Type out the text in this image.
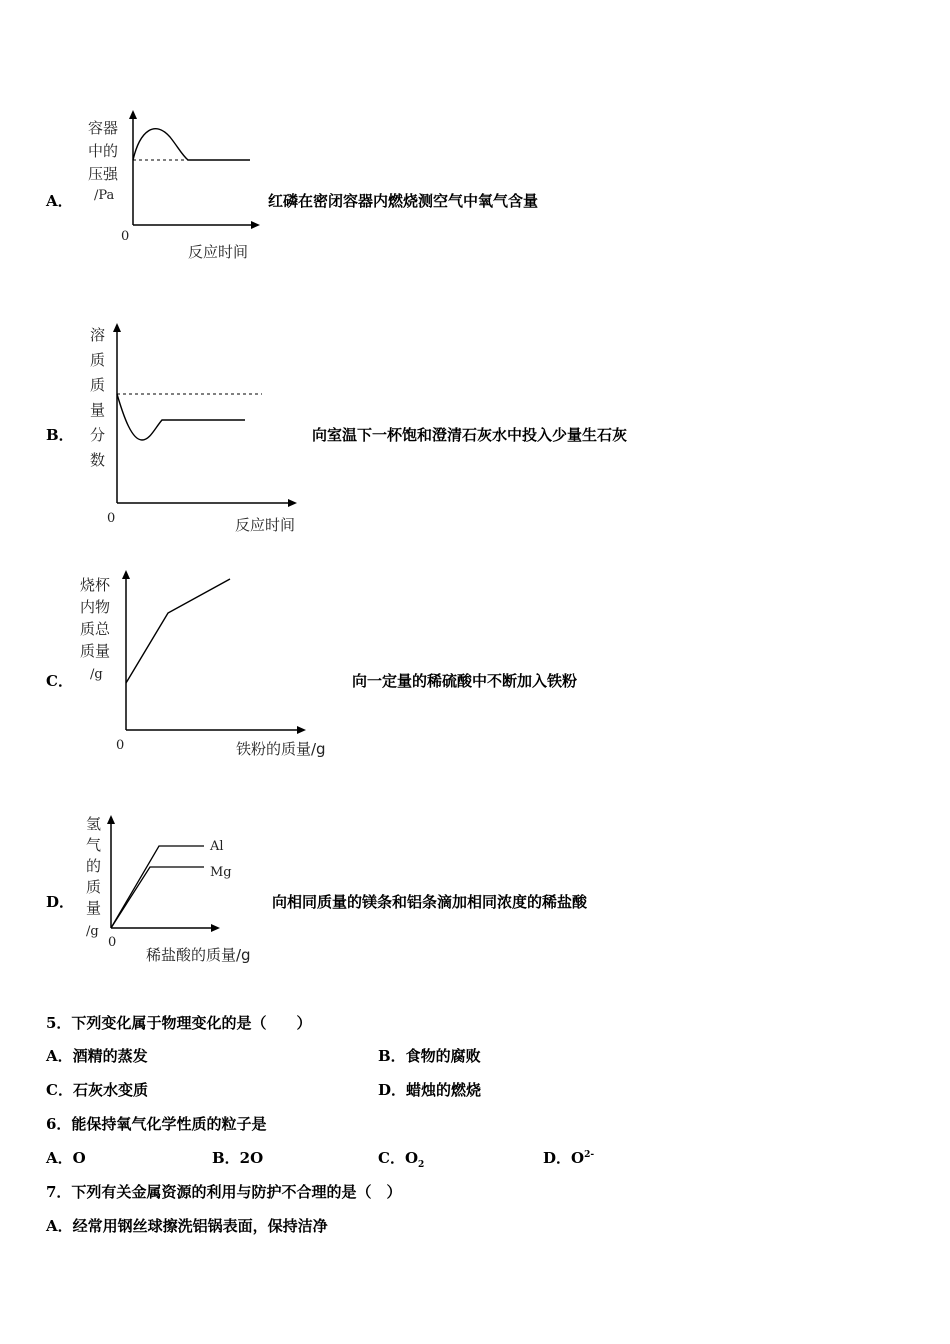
A．
容器
中的
压强
/Pa
0
反应时间
红磷在密闭容器内燃烧测空气中氧气含量
B．
溶
质
质
量
分
数
0	反应时间
向室温下一杯饱和澄清石灰水中投入少量生石灰
C．
烧杯
内物
质总
质量
/g
0	铁粉的质量/g
向一定量的稀硫酸中不断加入铁粉
D．
氢
气
的
质
量
/g
0
稀盐酸的质量/g
Al
Mg
向相同质量的镁条和铝条滴加相同浓度的稀盐酸
5．下列变化属于物理变化的是（　　）
A．酒精的蒸发	B．食物的腐败
C．石灰水变质	D．蜡烛的燃烧
6．能保持氧气化学性质的粒子是
A．O	B．2O	C．$O_2$	D．$O^{2-}$
7．下列有关金属资源的利用与防护不合理的是（　）
A．经常用钢丝球擦洗铝锅表面，保持洁净
